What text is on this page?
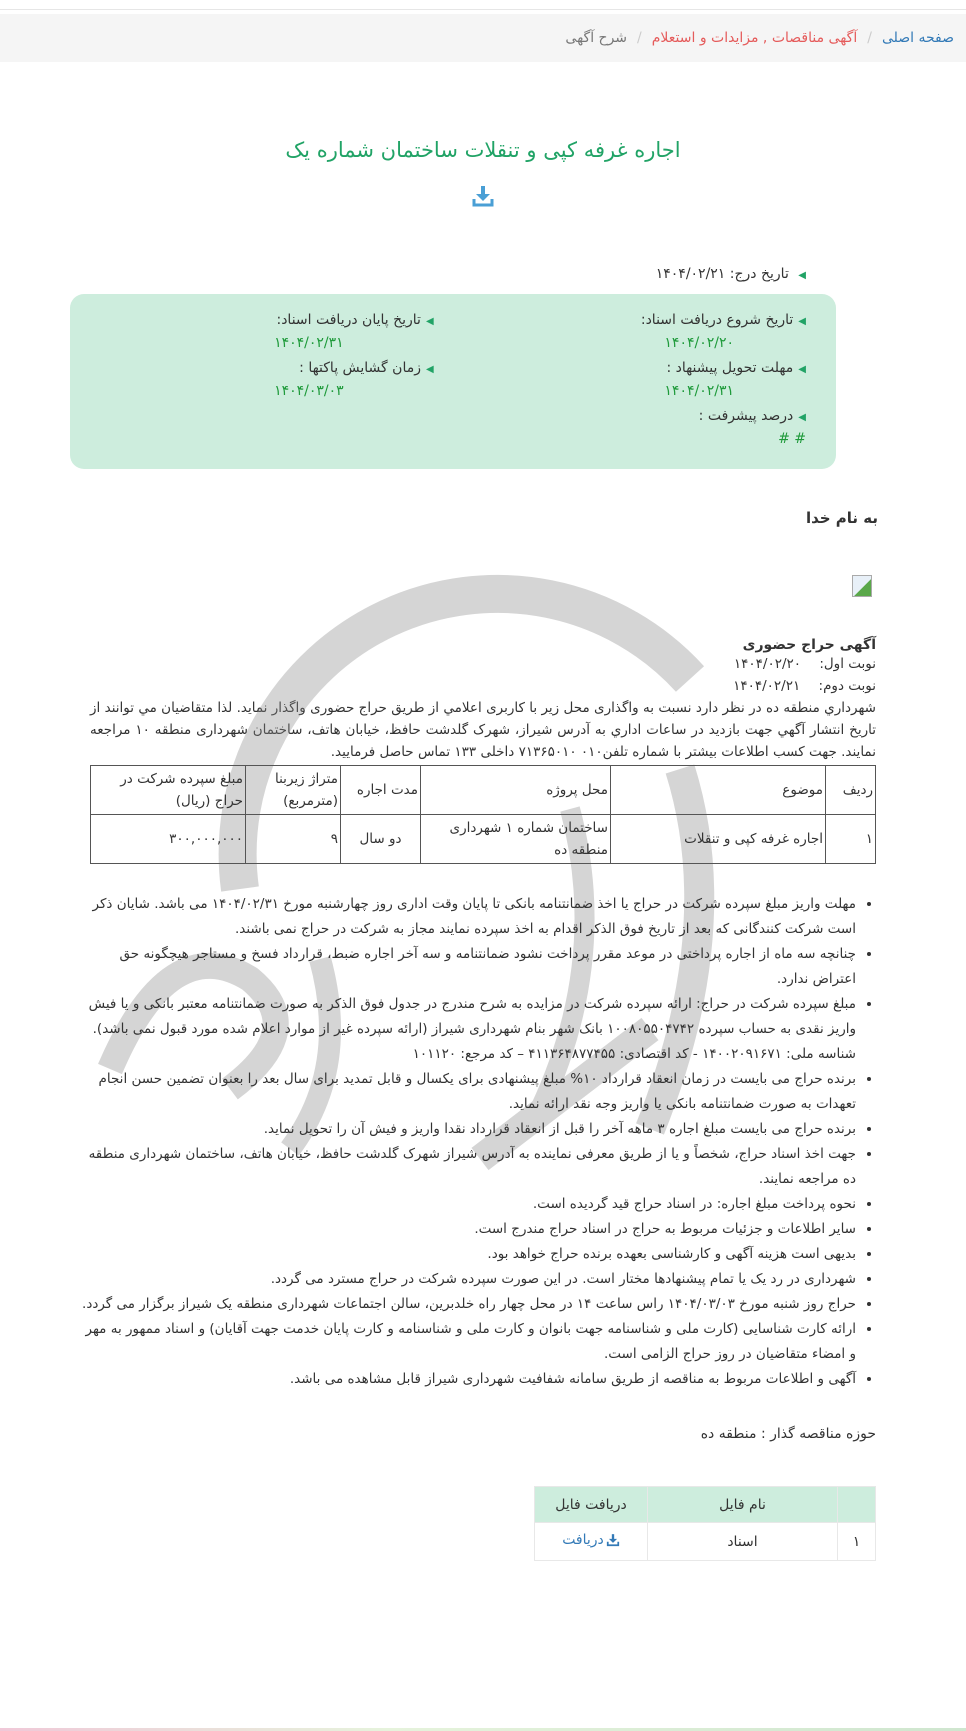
صفحه اصلی
/
آگهی مناقصات , مزایدات و استعلام
/
شرح آگهی
اجاره غرفه کپی و تنقلات ساختمان شماره یک
◀ تاریخ درج: ۱۴۰۴/۰۲/۲۱
◀تاریخ شروع دریافت اسناد:
۱۴۰۴/۰۲/۲۰
◀مهلت تحویل پیشنهاد :
۱۴۰۴/۰۲/۳۱
◀درصد پیشرفت :
# #
◀تاریخ پایان دریافت اسناد:
۱۴۰۴/۰۲/۳۱
◀زمان گشایش پاکتها :
۱۴۰۴/۰۳/۰۳
به نام خدا
آگهی حراج حضوری
نوبت اول: ۱۴۰۴/۰۲/۲۰
نوبت دوم: ۱۴۰۴/۰۲/۲۱

شهرداري منطقه ده در نظر دارد نسبت به واگذاری محل زیر با کاربری اعلامي از طريق حراج حضوری واگذار نمايد. لذا متقاضيان مي توانند از تاريخ انتشار آگهي جهت بازديد در ساعات اداري به آدرس شيراز، شهرک گلدشت حافظ، خیابان هاتف، ساختمان شهرداری منطقه ۱۰ مراجعه نمايند. جهت کسب اطلاعات بيشتر با شماره تلفن۰۱۰ ۷۱۳۶۵۰۱۰ داخلی ۱۳۳ تماس حاصل فرماييد.

ردیف	موضوع	محل پروژه	مدت اجاره	متراژ زیربنا (مترمربع)	مبلغ سپرده شرکت در حراج (ریال)
۱	اجاره غرفه کپی و تنقلات	ساختمان شماره ۱ شهرداری منطقه ده	دو سال	۹	۳۰۰,۰۰۰,۰۰۰
• مهلت واریز مبلغ سپرده شرکت در حراج یا اخذ ضمانتنامه بانکی تا پایان وقت اداری روز چهارشنبه مورخ ۱۴۰۴/۰۲/۳۱ می باشد. شایان ذکر است شرکت کنندگانی که بعد از تاریخ فوق الذکر اقدام به اخذ سپرده نمایند مجاز به شرکت در حراج نمی باشند.
• چنانچه سه ماه از اجاره پرداختی در موعد مقرر پرداخت نشود ضمانتنامه و سه آخر اجاره ضبط، قرارداد فسخ و مستاجر هیچگونه حق اعتراض ندارد.
• مبلغ سپرده شرکت در حراج: ارائه سپرده شرکت در مزایده به شرح مندرج در جدول فوق الذکر به صورت ضمانتنامه معتبر بانکی و یا فیش واریز نقدی به حساب سپرده ۱۰۰۸۰۵۵۰۴۷۴۲ بانک شهر بنام شهرداری شیراز (ارائه سپرده غیر از موارد اعلام شده مورد قبول نمی باشد). شناسه ملی: ۱۴۰۰۲۰۹۱۶۷۱ - کد اقتصادی: ۴۱۱۳۶۴۸۷۷۴۵۵ – کد مرجع: ۱۰۱۱۲۰
• برنده حراج می بایست در زمان انعقاد قرارداد ۱۰% مبلغ پیشنهادی برای یکسال و قابل تمدید برای سال بعد را بعنوان تضمین حسن انجام تعهدات به صورت ضمانتنامه بانکی یا واریز وجه نقد ارائه نماید.
• برنده حراج می بایست مبلغ اجاره ۳ ماهه آخر را قبل از انعقاد قرارداد نقدا واریز و فیش آن را تحویل نماید.
• جهت اخذ اسناد حراج، شخصاً و یا از طریق معرفی نماینده به آدرس شیراز شهرک گلدشت حافظ، خیابان هاتف، ساختمان شهرداری منطقه ده مراجعه نمایند.
• نحوه پرداخت مبلغ اجاره: در اسناد حراج قید گردیده است.
• سایر اطلاعات و جزئیات مربوط به حراج در اسناد حراج مندرج است.
• بدیهی است هزینه آگهی و کارشناسی بعهده برنده حراج خواهد بود.
• شهرداری در رد یک یا تمام پیشنهادها مختار است. در این صورت سپرده شرکت در حراج مسترد می گردد.
• حراج روز شنبه مورخ ۱۴۰۴/۰۳/۰۳ راس ساعت ۱۴ در محل چهار راه خلدبرین، سالن اجتماعات شهرداری منطقه یک شیراز برگزار می گردد.
• ارائه کارت شناسایی (کارت ملی و شناسنامه جهت بانوان و کارت ملی و شناسنامه و کارت پایان خدمت جهت آقایان) و اسناد ممهور به مهر و امضاء متقاضیان در روز حراج الزامی است.
• آگهی و اطلاعات مربوط به مناقصه از طریق سامانه شفافیت شهرداری شیراز قابل مشاهده می باشد.
حوزه مناقصه گذار : منطقه ده
	نام فایل	دریافت فایل
۱	اسناد	دریافت
